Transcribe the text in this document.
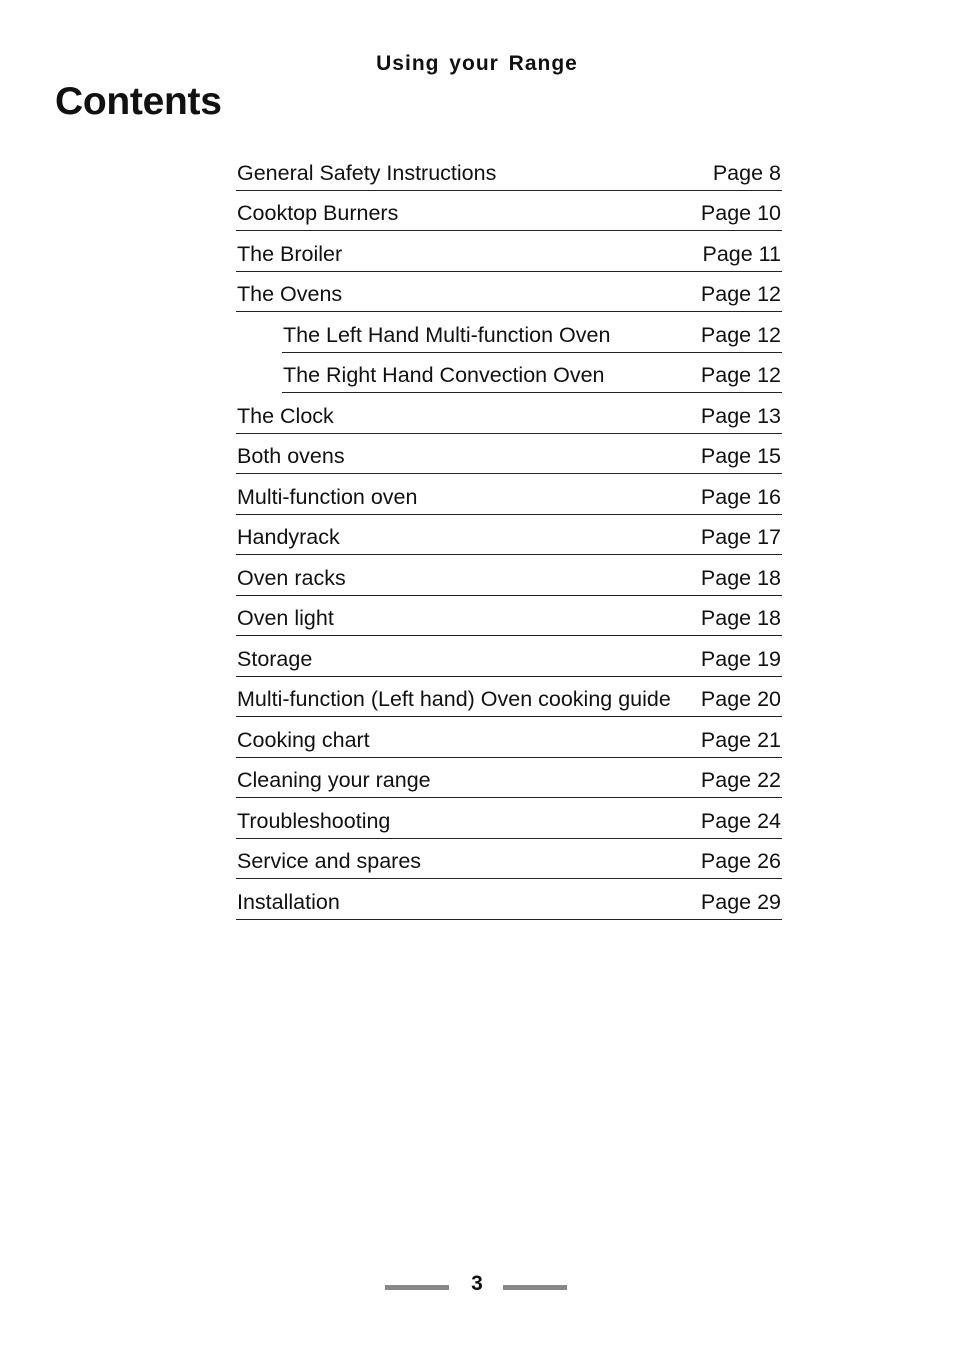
Using your Range
Contents
General Safety Instructions	Page 8
Cooktop Burners	Page 10
The Broiler	Page 11
The Ovens	Page 12
The Left Hand Multi-function Oven	Page 12
The Right Hand Convection Oven	Page 12
The Clock	Page 13
Both ovens	Page 15
Multi-function oven	Page 16
Handyrack	Page 17
Oven racks	Page 18
Oven light	Page 18
Storage	Page 19
Multi-function (Left hand) Oven cooking guide Page 20
Cooking chart	Page 21
Cleaning your range	Page 22
Troubleshooting	Page 24
Service and spares	Page 26
Installation	Page 29
3
